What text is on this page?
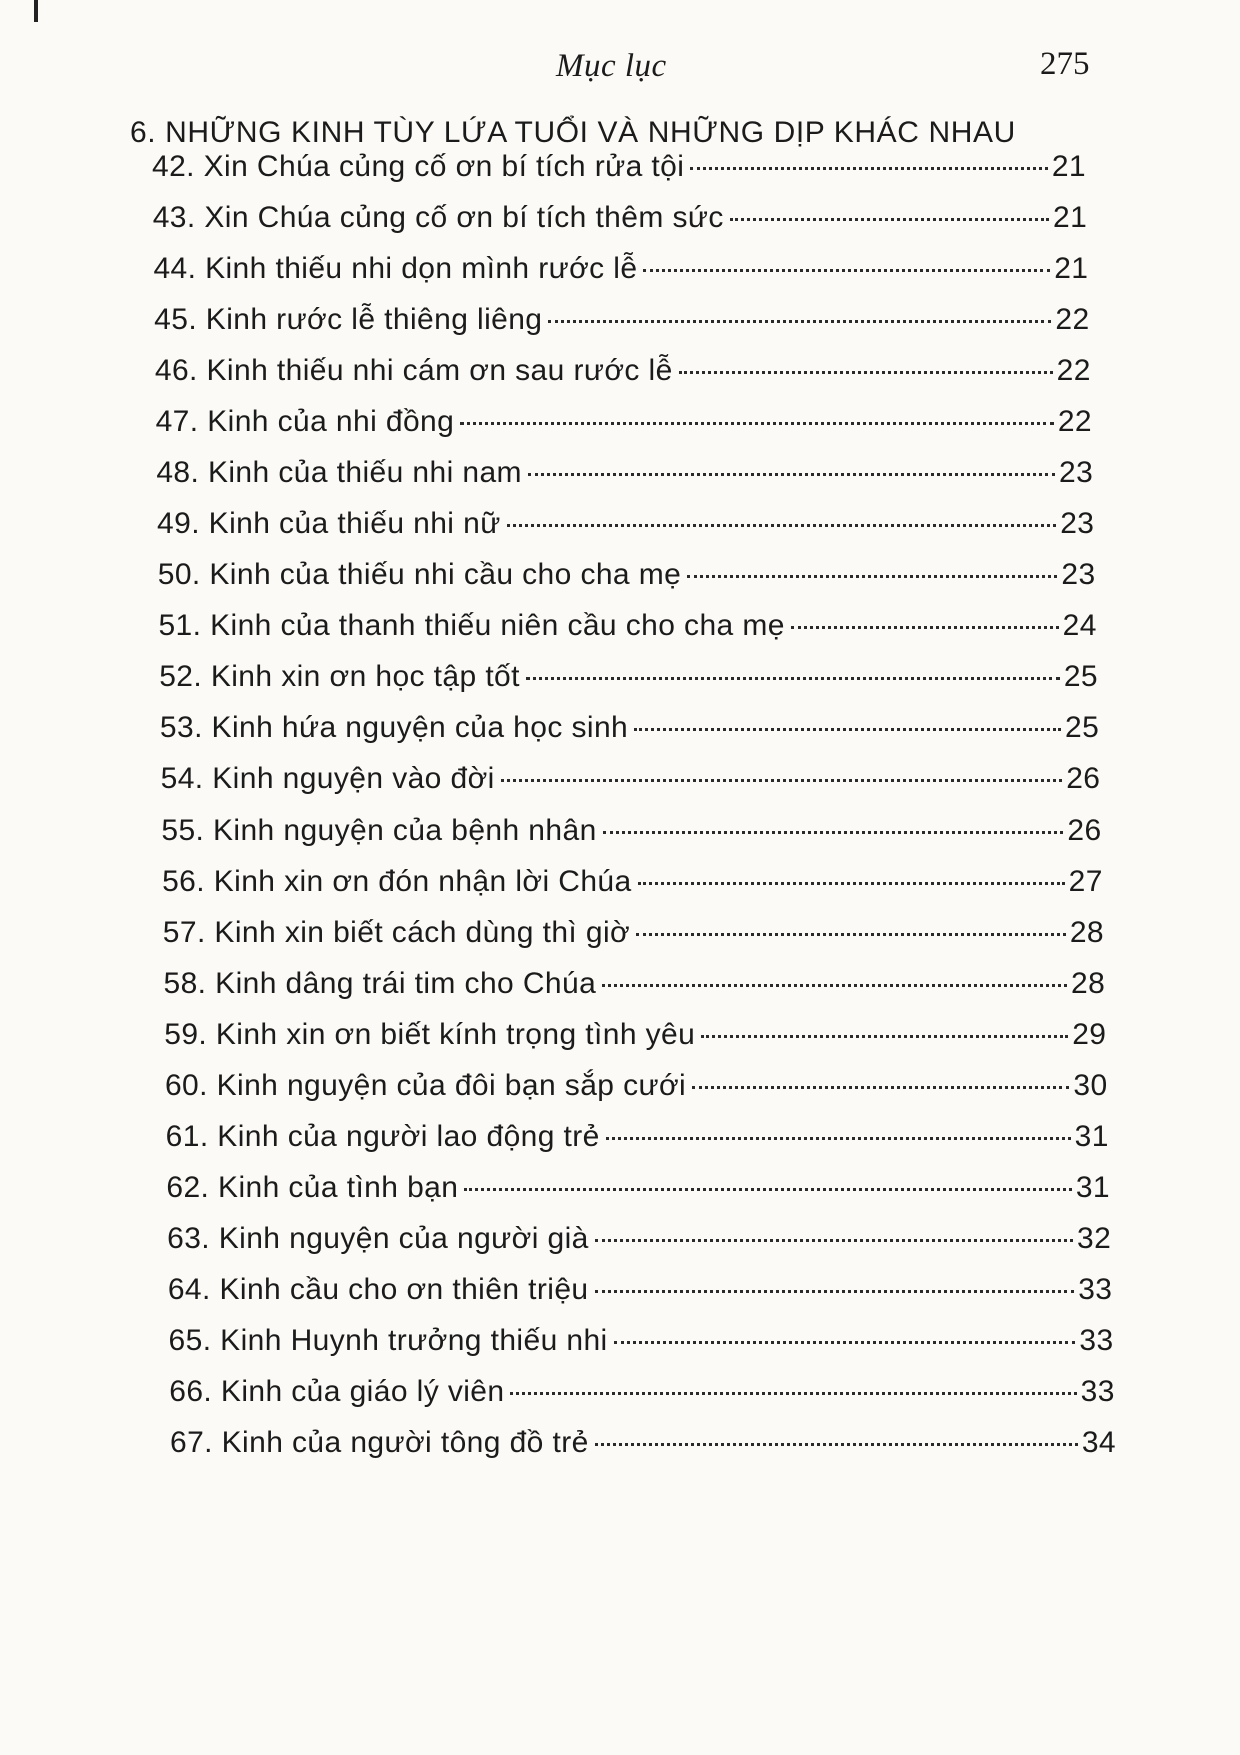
Mục lục	275
6. NHỮNG KINH TÙY LỨA TUỔI VÀ NHỮNG DỊP KHÁC NHAU
42. Xin Chúa củng cố ơn bí tích rửa tội	21
43. Xin Chúa củng cố ơn bí tích thêm sức	21
44. Kinh thiếu nhi dọn mình rước lễ	21
45. Kinh rước lễ thiêng liêng	22
46. Kinh thiếu nhi cám ơn sau rước lễ	22
47. Kinh của nhi đồng	22
48. Kinh của thiếu nhi nam	23
49. Kinh của thiếu nhi nữ	23
50. Kinh của thiếu nhi cầu cho cha mẹ	23
51. Kinh của thanh thiếu niên cầu cho cha mẹ	24
52. Kinh xin ơn học tập tốt	25
53. Kinh hứa nguyện của học sinh	25
54. Kinh nguyện vào đời	26
55. Kinh nguyện của bệnh nhân	26
56. Kinh xin ơn đón nhận lời Chúa	27
57. Kinh xin biết cách dùng thì giờ	28
58. Kinh dâng trái tim cho Chúa	28
59. Kinh xin ơn biết kính trọng tình yêu	29
60. Kinh nguyện của đôi bạn sắp cưới	30
61. Kinh của người lao động trẻ	31
62. Kinh của tình bạn	31
63. Kinh nguyện của người già	32
64. Kinh cầu cho ơn thiên triệu	33
65. Kinh Huynh trưởng thiếu nhi	33
66. Kinh của giáo lý viên	33
67. Kinh của người tông đồ trẻ	34
